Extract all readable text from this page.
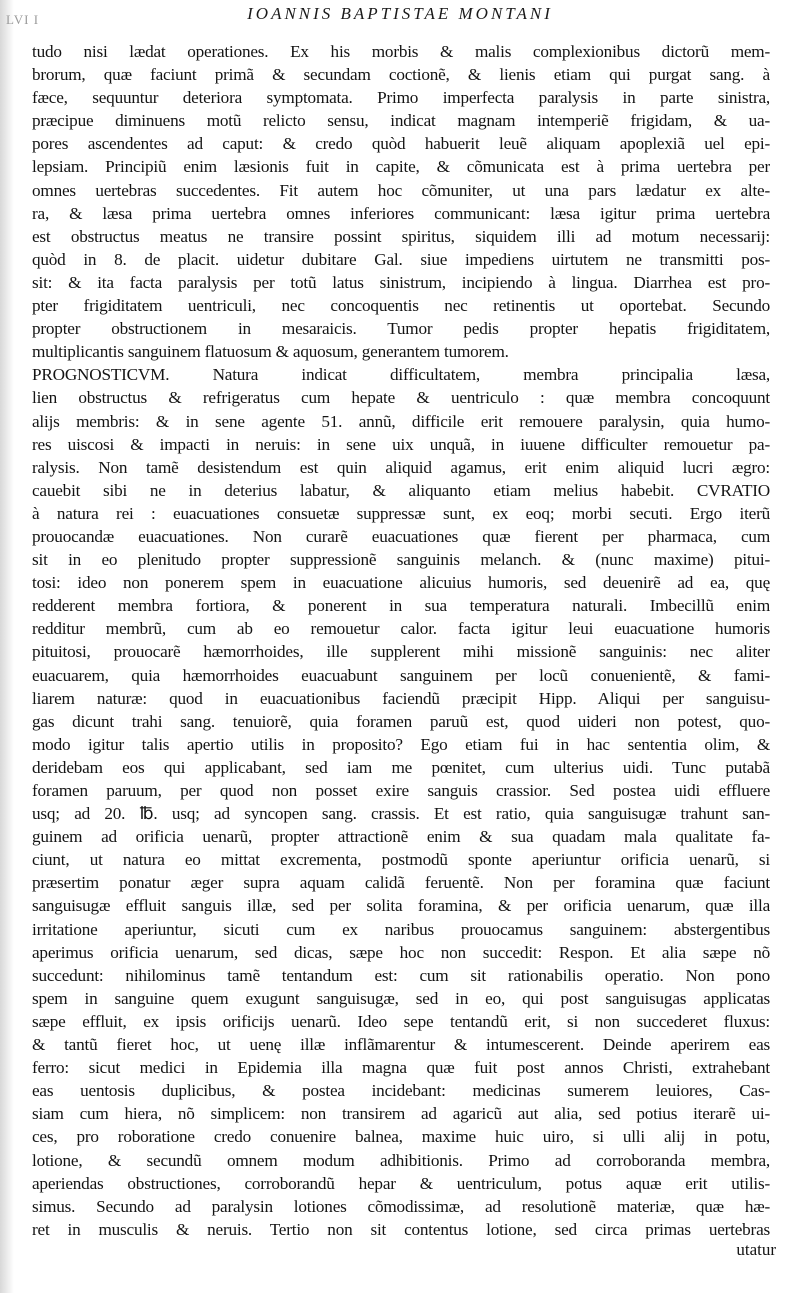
LVI I	IOANNIS BAPTISTAE MONTANI
tudo nisi lædat operationes. Ex his morbis & malis complexionibus dictorũ mem-
brorum, quæ faciunt primã & secundam coctionẽ, & lienis etiam qui purgat sang. à
fæce, sequuntur deteriora symptomata. Primo imperfecta paralysis in parte sinistra,
præcipue diminuens motũ relicto sensu, indicat magnam intemperiẽ frigidam, & ua-
pores ascendentes ad caput: & credo quòd habuerit leuẽ aliquam apoplexiã uel epi-
lepsiam. Principiũ enim læsionis fuit in capite, & cõmunicata est à prima uertebra per
omnes uertebras succedentes. Fit autem hoc cõmuniter, ut una pars lædatur ex alte-
ra, & læsa prima uertebra omnes inferiores communicant: læsa igitur prima uertebra
est obstructus meatus ne transire possint spiritus, siquidem illi ad motum necessarij:
quòd in 8. de placit. uidetur dubitare Gal. siue impediens uirtutem ne transmitti pos-
sit: & ita facta paralysis per totũ latus sinistrum, incipiendo à lingua. Diarrhea est pro-
pter frigiditatem uentriculi, nec concoquentis nec retinentis ut oportebat. Secundo
propter obstructionem in mesaraicis. Tumor pedis propter hepatis frigiditatem,
multiplicantis sanguinem flatuosum & aquosum, generantem tumorem.
PROGNOSTICVM. Natura indicat difficultatem, membra principalia læsa,
lien obstructus & refrigeratus cum hepate & uentriculo : quæ membra concoquunt
alijs membris: & in sene agente 51. annũ, difficile erit remouere paralysin, quia humo-
res uiscosi & impacti in neruis: in sene uix unquã, in iuuene difficulter remouetur pa-
ralysis. Non tamẽ desistendum est quin aliquid agamus, erit enim aliquid lucri ægro:
cauebit sibi ne in deterius labatur, & aliquanto etiam melius habebit. CVRATIO
à natura rei : euacuationes consuetæ suppressæ sunt, ex eoq; morbi secuti. Ergo iterũ
prouocandæ euacuationes. Non curarẽ euacuationes quæ fierent per pharmaca, cum
sit in eo plenitudo propter suppressionẽ sanguinis melanch. & (nunc maxime) pitui-
tosi: ideo non ponerem spem in euacuatione alicuius humoris, sed deuenirẽ ad ea, quę
redderent membra fortiora, & ponerent in sua temperatura naturali. Imbecillũ enim
redditur membrũ, cum ab eo remouetur calor. facta igitur leui euacuatione humoris
pituitosi, prouocarẽ hæmorrhoides, ille supplerent mihi missionẽ sanguinis: nec aliter
euacuarem, quia hæmorrhoides euacuabunt sanguinem per locũ conuenientẽ, & fami-
liarem naturæ: quod in euacuationibus faciendũ præcipit Hipp. Aliqui per sanguisu-
gas dicunt trahi sang. tenuiorẽ, quia foramen paruũ est, quod uideri non potest, quo-
modo igitur talis apertio utilis in proposito? Ego etiam fui in hac sententia olim, &
deridebam eos qui applicabant, sed iam me pœnitet, cum ulterius uidi. Tunc putabã
foramen paruum, per quod non posset exire sanguis crassior. Sed postea uidi effluere
usq; ad 20. ℔. usq; ad syncopen sang. crassis. Et est ratio, quia sanguisugæ trahunt san-
guinem ad orificia uenarũ, propter attractionẽ enim & sua quadam mala qualitate fa-
ciunt, ut natura eo mittat excrementa, postmodũ sponte aperiuntur orificia uenarũ, si
præsertim ponatur æger supra aquam calidã feruentẽ. Non per foramina quæ faciunt
sanguisugæ effluit sanguis illæ, sed per solita foramina, & per orificia uenarum, quæ illa
irritatione aperiuntur, sicuti cum ex naribus prouocamus sanguinem: abstergentibus
aperimus orificia uenarum, sed dicas, sæpe hoc non succedit: Respon. Et alia sæpe nõ
succedunt: nihilominus tamẽ tentandum est: cum sit rationabilis operatio. Non pono
spem in sanguine quem exugunt sanguisugæ, sed in eo, qui post sanguisugas applicatas
sæpe effluit, ex ipsis orificijs uenarũ. Ideo sepe tentandũ erit, si non succederet fluxus:
& tantũ fieret hoc, ut uenę illæ inflãmarentur & intumescerent. Deinde aperirem eas
ferro: sicut medici in Epidemia illa magna quæ fuit post annos Christi, extrahebant
eas uentosis duplicibus, & postea incidebant: medicinas sumerem leuiores, Cas-
siam cum hiera, nõ simplicem: non transirem ad agaricũ aut alia, sed potius iterarẽ ui-
ces, pro roboratione credo conuenire balnea, maxime huic uiro, si ulli alij in potu,
lotione, & secundũ omnem modum adhibitionis. Primo ad corroboranda membra,
aperiendas obstructiones, corroborandũ hepar & uentriculum, potus aquæ erit utilis-
simus. Secundo ad paralysin lotiones cõmodissimæ, ad resolutionẽ materiæ, quæ hæ-
ret in musculis & neruis. Tertio non sit contentus lotione, sed circa primas uertebras
utatur
